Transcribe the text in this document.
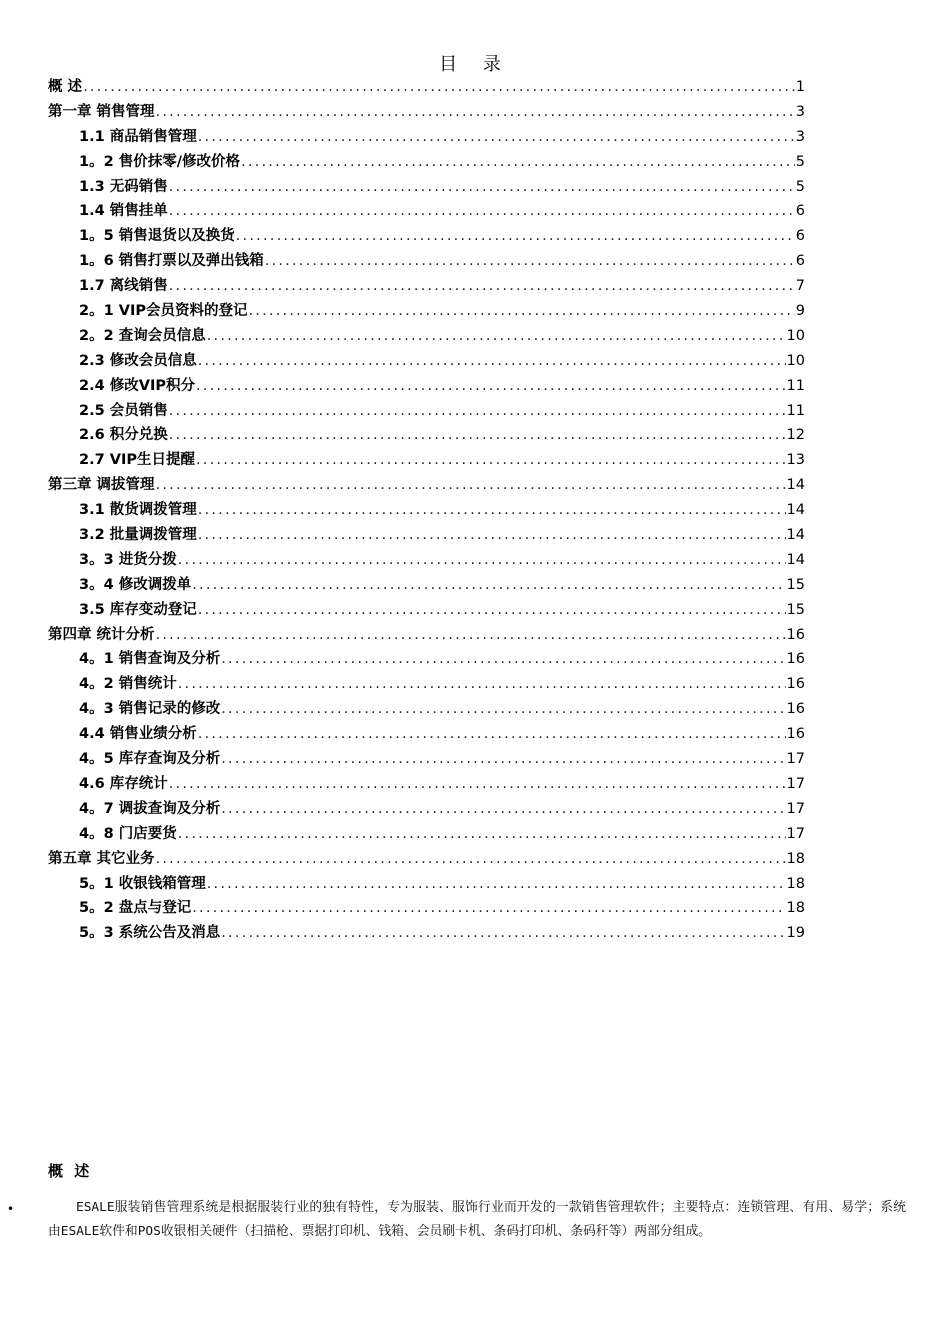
目 录
概 述 .....	1
第一章 销售管理 .....	3
1.1 商品销售管理 .....	3
1。2 售价抹零/修改价格 .....	5
1.3 无码销售 .....	5
1.4 销售挂单 .....	6
1。5 销售退货以及换货 .....	6
1。6 销售打票以及弹出钱箱 .....	6
1.7 离线销售 .....	7
2。1 VIP会员资料的登记 .....	9
2。2 查询会员信息 .....	10
2.3 修改会员信息 .....	10
2.4 修改VIP积分 .....	11
2.5 会员销售 .....	11
2.6 积分兑换 .....	12
2.7 VIP生日提醒 .....	13
第三章 调拔管理 .....	14
3.1 散货调拨管理 .....	14
3.2 批量调拨管理 .....	14
3。3 进货分拨 .....	14
3。4 修改调拨单 .....	15
3.5 库存变动登记 .....	15
第四章 统计分析 .....	16
4。1 销售查询及分析 .....	16
4。2 销售统计 .....	16
4。3 销售记录的修改 .....	16
4.4 销售业绩分析 .....	16
4。5 库存查询及分析 .....	17
4.6 库存统计 .....	17
4。7 调拔查询及分析 .....	17
4。8 门店要货 .....	17
第五章 其它业务 .....	18
5。1 收银钱箱管理 .....	18
5。2 盘点与登记 .....	18
5。3 系统公告及消息 .....	19
概 述
•	ESALE服装销售管理系统是根据服装行业的独有特性，专为服装、服饰行业而开发的一款销售管理软件；主要特点：连锁管理、有用、易学；系统由ESALE软件和POS收银相关硬件（扫描枪、票据打印机、钱箱、会员刷卡机、条码打印机、条码秆等）两部分组成。
